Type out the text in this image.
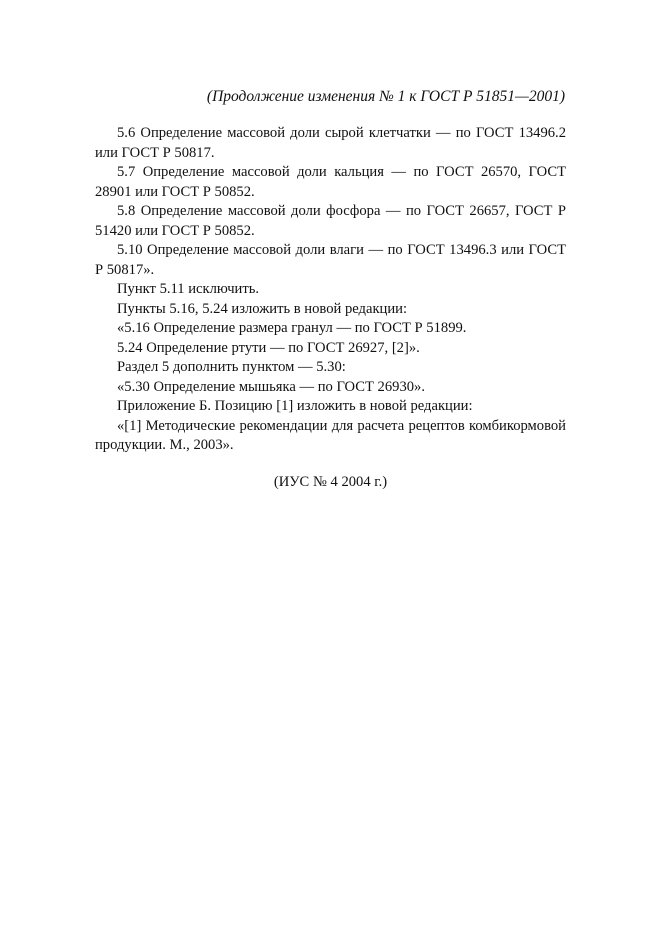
(Продолжение изменения № 1 к ГОСТ Р 51851—2001)

5.6 Определение массовой доли сырой клетчатки — по ГОСТ 13496.2 или ГОСТ Р 50817.

5.7 Определение массовой доли кальция — по ГОСТ 26570, ГОСТ 28901 или ГОСТ Р 50852.

5.8 Определение массовой доли фосфора — по ГОСТ 26657, ГОСТ Р 51420 или ГОСТ Р 50852.

5.10 Определение массовой доли влаги — по ГОСТ 13496.3 или ГОСТ Р 50817».

Пункт 5.11 исключить.

Пункты 5.16, 5.24 изложить в новой редакции:

«5.16 Определение размера гранул — по ГОСТ Р 51899.

5.24 Определение ртути — по ГОСТ 26927, [2]».

Раздел 5 дополнить пунктом — 5.30:

«5.30 Определение мышьяка — по ГОСТ 26930».

Приложение Б. Позицию [1] изложить в новой редакции:

«[1] Методические рекомендации для расчета рецептов комбикормовой продукции. М., 2003».

(ИУС № 4 2004 г.)
